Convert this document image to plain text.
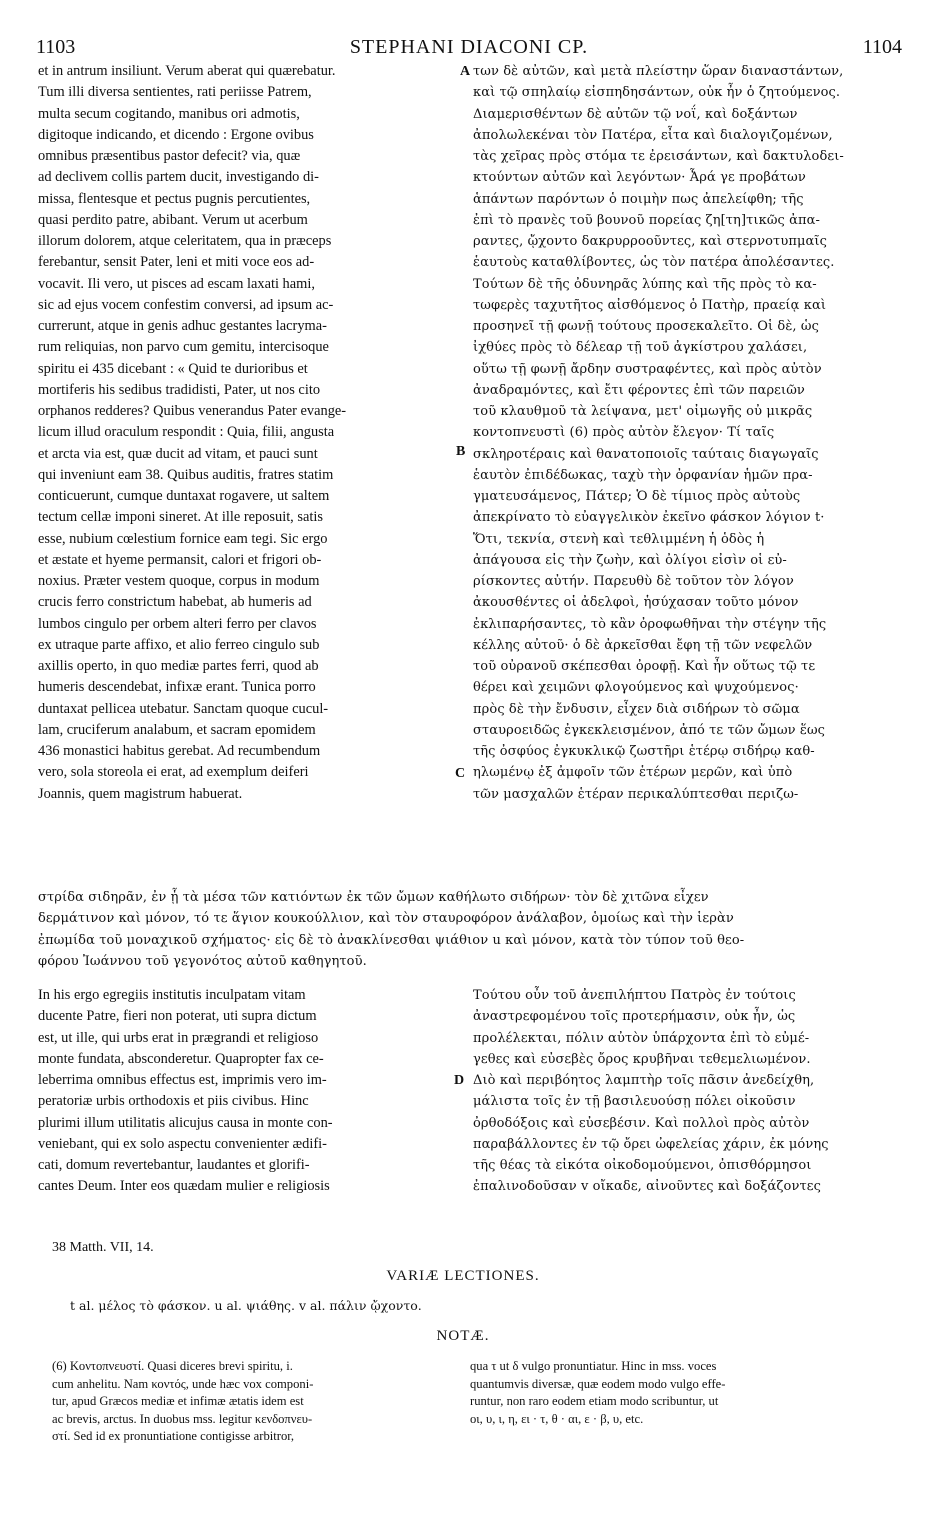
1103	STEPHANI DIACONI CP.	1104
A
B
C
D
et in antrum insiliunt. Verum aberat qui quærebatur.
Tum illi diversa sentientes, rati periisse Patrem,
multa secum cogitando, manibus ori admotis,
digitoque indicando, et dicendo : Ergone ovibus
omnibus præsentibus pastor defecit? via, quæ
ad declivem collis partem ducit, investigando di-
missa, flentesque et pectus pugnis percutientes,
quasi perdito patre, abibant. Verum ut acerbum
illorum dolorem, atque celeritatem, qua in præceps
ferebantur, sensit Pater, leni et miti voce eos ad-
vocavit. Ili vero, ut pisces ad escam laxati hami,
sic ad ejus vocem confestim conversi, ad ipsum ac-
currerunt, atque in genis adhuc gestantes lacryma-
rum reliquias, non parvo cum gemitu, intercisoque
spiritu ei 435 dicebant : « Quid te durioribus et
mortiferis his sedibus tradidisti, Pater, ut nos cito
orphanos redderes? Quibus venerandus Pater evange-
licum illud oraculum respondit : Quia, filii, angusta
et arcta via est, quæ ducit ad vitam, et pauci sunt
qui inveniunt eam 38. Quibus auditis, fratres statim
conticuerunt, cumque duntaxat rogavere, ut saltem
tectum cellæ imponi sineret. At ille reposuit, satis
esse, nubium cœlestium fornice eam tegi. Sic ergo
et æstate et hyeme permansit, calori et frigori ob-
noxius. Præter vestem quoque, corpus in modum
crucis ferro constrictum habebat, ab humeris ad
lumbos cingulo per orbem alteri ferro per clavos
ex utraque parte affixo, et alio ferreo cingulo sub
axillis operto, in quo mediæ partes ferri, quod ab
humeris descendebat, infixæ erant. Tunica porro
duntaxat pellicea utebatur. Sanctam quoque cucul-
lam, cruciferum analabum, et sacram epomidem
436 monastici habitus gerebat. Ad recumbendum
vero, sola storeola ei erat, ad exemplum deiferi
Joannis, quem magistrum habuerat.
των δὲ αὐτῶν, καὶ μετὰ πλείστην ὥραν διαναστάντων,
καὶ τῷ σπηλαίῳ εἰσπηδησάντων, οὐκ ἦν ὁ ζητούμενος.
Διαμερισθέντων δὲ αὐτῶν τῷ νοΐ, καὶ δοξάντων
ἀπολωλεκέναι τὸν Πατέρα, εἶτα καὶ διαλογιζομένων,
τὰς χεῖρας πρὸς στόμα τε ἐρεισάντων, καὶ δακτυλοδει-
κτούντων αὐτῶν καὶ λεγόντων· Ἆρά γε προβάτων
ἁπάντων παρόντων ὁ ποιμὴν πως ἀπελείφθη; τῆς
ἐπὶ τὸ πρανὲς τοῦ βουνοῦ πορείας ζη[τη]τικῶς ἀπα-
ραντες, ᾤχοντο δακρυρροοῦντες, καὶ στερνοτυπμαῖς
ἑαυτοὺς καταθλίβοντες, ὡς τὸν πατέρα ἀπολέσαντες.
Τούτων δὲ τῆς ὀδυνηρᾶς λύπης καὶ τῆς πρὸς τὸ κα-
τωφερὲς ταχυτῆτος αἰσθόμενος ὁ Πατὴρ, πραείᾳ καὶ
προσηνεῖ τῇ φωνῇ τούτους προσεκαλεῖτο. Οἱ δὲ, ὡς
ἰχθύες πρὸς τὸ δέλεαρ τῇ τοῦ ἀγκίστρου χαλάσει,
οὕτω τῇ φωνῇ ἄρδην συστραφέντες, καὶ πρὸς αὐτὸν
ἀναδραμόντες, καὶ ἔτι φέροντες ἐπὶ τῶν παρειῶν
τοῦ κλαυθμοῦ τὰ λείψανα, μετ' οἰμωγῆς οὐ μικρᾶς
κοντοπνευστὶ (6) πρὸς αὐτὸν ἔλεγον· Τί ταῖς
σκληροτέραις καὶ θανατοποιοῖς ταύταις διαγωγαῖς
ἑαυτὸν ἐπιδέδωκας, ταχὺ τὴν ὀρφανίαν ἡμῶν πρα-
γματευσάμενος, Πάτερ; Ὁ δὲ τίμιος πρὸς αὐτοὺς
ἀπεκρίνατο τὸ εὐαγγελικὸν ἐκεῖνο φάσκον λόγιον t·
Ὅτι, τεκνία, στενὴ καὶ τεθλιμμένη ἡ ὁδὸς ἡ
ἀπάγουσα εἰς τὴν ζωὴν, καὶ ὀλίγοι εἰσὶν οἱ εὐ-
ρίσκοντες αὐτήν. Παρευθὺ δὲ τοῦτον τὸν λόγον
ἀκουσθέντες οἱ ἀδελφοὶ, ἡσύχασαν τοῦτο μόνον
ἐκλιπαρήσαντες, τὸ κἂν ὀροφωθῆναι τὴν στέγην τῆς
κέλλης αὐτοῦ· ὁ δὲ ἀρκεῖσθαι ἔφη τῇ τῶν νεφελῶν
τοῦ οὐρανοῦ σκέπεσθαι ὀροφῇ. Καὶ ἦν οὕτως τῷ τε
θέρει καὶ χειμῶνι φλογούμενος καὶ ψυχούμενος·
πρὸς δὲ τὴν ἔνδυσιν, εἶχεν διὰ σιδήρων τὸ σῶμα
σταυροειδῶς ἐγκεκλεισμένον, ἀπό τε τῶν ὤμων ἕως
τῆς ὀσφύος ἐγκυκλικῷ ζωστῆρι ἑτέρῳ σιδήρῳ καθ-
ηλωμένῳ ἐξ ἀμφοῖν τῶν ἑτέρων μερῶν, καὶ ὑπὸ
τῶν μασχαλῶν ἑτέραν περικαλύπτεσθαι περιζω-
στρίδα σιδηρᾶν, ἐν ᾗ τὰ μέσα τῶν κατιόντων ἐκ τῶν ὤμων καθήλωτο σιδήρων· τὸν δὲ χιτῶνα εἶχεν
δερμάτινον καὶ μόνον, τό τε ἅγιον κουκούλλιον, καὶ τὸν σταυροφόρον ἀνάλαβον, ὁμοίως καὶ τὴν ἱερὰν
ἐπωμίδα τοῦ μοναχικοῦ σχήματος· εἰς δὲ τὸ ἀνακλίνεσθαι ψιάθιον u καὶ μόνον, κατὰ τὸν τύπον τοῦ θεο-
φόρου Ἰωάννου τοῦ γεγονότος αὐτοῦ καθηγητοῦ.
In his ergo egregiis institutis inculpatam vitam
ducente Patre, fieri non poterat, uti supra dictum
est, ut ille, qui urbs erat in prægrandi et religioso
monte fundata, absconderetur. Quapropter fax ce-
leberrima omnibus effectus est, imprimis vero im-
peratoriæ urbis orthodoxis et piis civibus. Hinc
plurimi illum utilitatis alicujus causa in monte con-
veniebant, qui ex solo aspectu convenienter ædifi-
cati, domum revertebantur, laudantes et glorifi-
cantes Deum. Inter eos quædam mulier e religiosis
Τούτου οὖν τοῦ ἀνεπιλήπτου Πατρὸς ἐν τούτοις
ἀναστρεφομένου τοῖς προτερήμασιν, οὐκ ἦν, ὡς
προλέλεκται, πόλιν αὐτὸν ὑπάρχοντα ἐπὶ τὸ εὐμέ-
γεθες καὶ εὐσεβὲς ὄρος κρυβῆναι τεθεμελιωμένον.
Διὸ καὶ περιβόητος λαμπτὴρ τοῖς πᾶσιν ἀνεδείχθη,
μάλιστα τοῖς ἐν τῇ βασιλευούσῃ πόλει οἰκοῦσιν
ὀρθοδόξοις καὶ εὐσεβέσιν. Καὶ πολλοὶ πρὸς αὐτὸν
παραβάλλοντες ἐν τῷ ὄρει ὠφελείας χάριν, ἐκ μόνης
τῆς θέας τὰ εἰκότα οἰκοδομούμενοι, ὀπισθόρμησοι
ἐπαλινοδοῦσαν v οἴκαδε, αἰνοῦντες καὶ δοξάζοντες
38 Matth. VII, 14.
VARIÆ LECTIONES.
t al. μέλος τὸ φάσκον. u al. ψιάθης. v al. πάλιν ᾤχοντο.
NOTÆ.
(6) Κοντοπνευστί. Quasi diceres brevi spiritu, i.
cum anhelitu. Nam κοντός, unde hæc vox componi-
tur, apud Græcos mediæ et infimæ ætatis idem est
ac brevis, arctus. In duobus mss. legitur κενδοπνευ-
στί. Sed id ex pronuntiatione contigisse arbitror,
qua τ ut δ vulgo pronuntiatur. Hinc in mss. voces
quantumvis diversæ, quæ eodem modo vulgo effe-
runtur, non raro eodem etiam modo scribuntur, ut
οι, υ, ι, η, ει · τ, θ · αι, ε · β, υ, etc.
